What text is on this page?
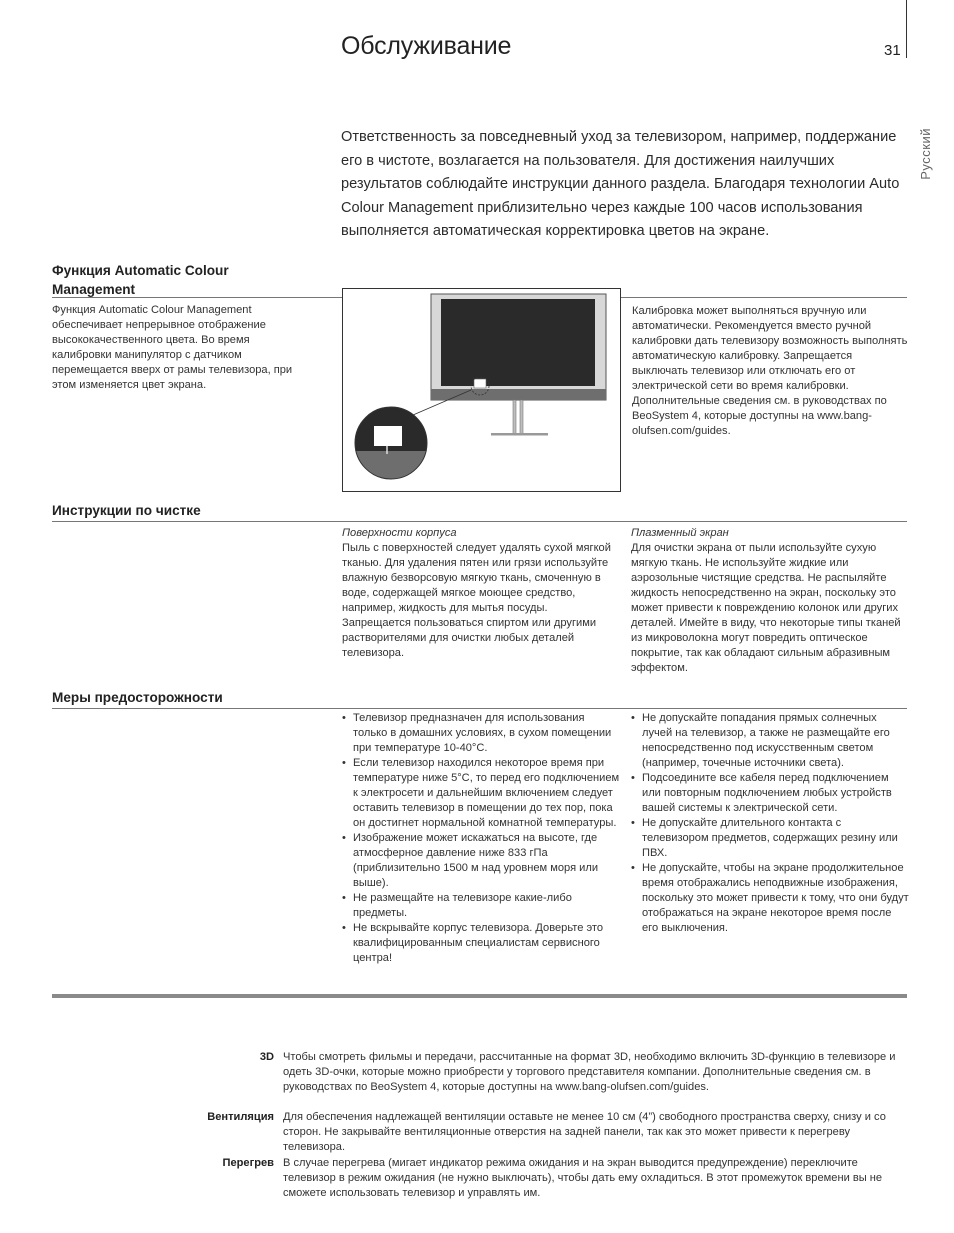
Обслуживание	31
Русский
Ответственность за повседневный уход за телевизором, например, поддержание его в чистоте, возлагается на пользователя. Для достижения наилучших результатов соблюдайте инструкции данного раздела. Благодаря технологии Auto Colour Management приблизительно через каждые 100 часов использования выполняется автоматическая корректировка цветов на экране.
Функция Automatic Colour Management
Функция Automatic Colour Management обеспечивает непрерывное отображение высококачественного цвета. Во время калибровки манипулятор с датчиком перемещается вверх от рамы телевизора, при этом изменяется цвет экрана.
Калибровка может выполняться вручную или автоматически. Рекомендуется вместо ручной калибровки дать телевизору возможность выполнять автоматическую калибровку. Запрещается выключать телевизор или отключать его от электрической сети во время калибровки. Дополнительные сведения см. в руководствах по BeoSystem 4, которые доступны на www.bang-olufsen.com/guides.
Инструкции по чистке
Поверхности корпуса
Пыль с поверхностей следует удалять сухой мягкой тканью. Для удаления пятен или грязи используйте влажную безворсовую мягкую ткань, смоченную в воде, содержащей мягкое моющее средство, например, жидкость для мытья посуды. Запрещается пользоваться спиртом или другими растворителями для очистки любых деталей телевизора.
Плазменный экран
Для очистки экрана от пыли используйте сухую мягкую ткань. Не используйте жидкие или аэрозольные чистящие средства. Не распыляйте жидкость непосредственно на экран, поскольку это может привести к повреждению колонок или других деталей. Имейте в виду, что некоторые типы тканей из микроволокна могут повредить оптическое покрытие, так как обладают сильным абразивным эффектом.
Меры предосторожности
• Телевизор предназначен для использования только в домашних условиях, в сухом помещении при температуре 10-40°C.
• Если телевизор находился некоторое время при температуре ниже 5°C, то перед его подключением к электросети и дальнейшим включением следует оставить телевизор в помещении до тех пор, пока он достигнет нормальной комнатной температуры.
• Изображение может искажаться на высоте, где атмосферное давление ниже 833 гПа (приблизительно 1500 м над уровнем моря или выше).
• Не размещайте на телевизоре какие-либо предметы.
• Не вскрывайте корпус телевизора. Доверьте это квалифицированным специалистам сервисного центра!
• Не допускайте попадания прямых солнечных лучей на телевизор, а также не размещайте его непосредственно под искусственным светом (например, точечные источники света).
• Подсоедините все кабеля перед подключением или повторным подключением любых устройств вашей системы к электрической сети.
• Не допускайте длительного контакта с телевизором предметов, содержащих резину или ПВХ.
• Не допускайте, чтобы на экране продолжительное время отображались неподвижные изображения, поскольку это может привести к тому, что они будут отображаться на экране некоторое время после его выключения.
3D Чтобы смотреть фильмы и передачи, рассчитанные на формат 3D, необходимо включить 3D-функцию в телевизоре и одеть 3D-очки, которые можно приобрести у торгового представителя компании. Дополнительные сведения см. в руководствах по BeoSystem 4, которые доступны на www.bang-olufsen.com/guides.
Вентиляция Для обеспечения надлежащей вентиляции оставьте не менее 10 см (4”) свободного пространства сверху, снизу и со сторон. Не закрывайте вентиляционные отверстия на задней панели, так как это может привести к перегреву телевизора.
Перегрев В случае перегрева (мигает индикатор режима ожидания и на экран выводится предупреждение) переключите телевизор в режим ожидания (не нужно выключать), чтобы дать ему охладиться. В этот промежуток времени вы не сможете использовать телевизор и управлять им.
